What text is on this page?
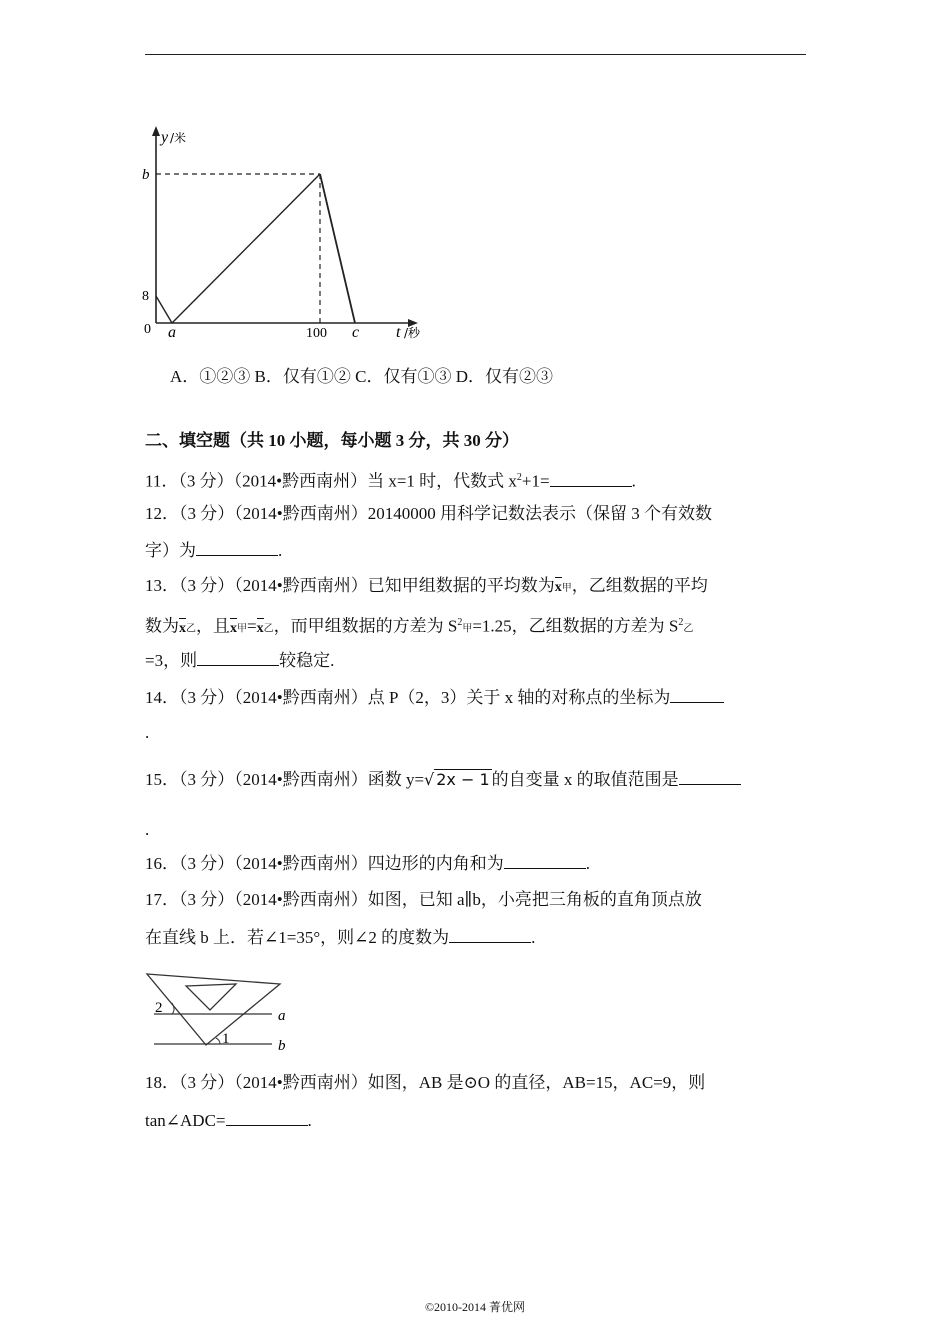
y /米
b
8
0 a	100 c t /秒
A．①②③ B．仅有①② C．仅有①③ D．仅有②③
二、填空题（共 10 小题，每小题 3 分，共 30 分）
11．（3 分）（2014•黔西南州）当 x=1 时，代数式 $x^2+1=$	.
12．（3 分）（2014•黔西南州）20140000 用科学记数法表示（保留 3 个有效数
字）为	.
13．（3 分）（2014•黔西南州）已知甲组数据的平均数为x甲，乙组数据的平均
数为x乙，且x甲=x乙，而甲组数据的方差为 $S^2$甲=1.25，乙组数据的方差为 $S^2$乙
=3，则	较稳定.
14．（3 分）（2014•黔西南州）点 P（2，3）关于 x 轴的对称点的坐标为
.
15．（3 分）（2014•黔西南州）函数 y=√ 2x − 1 的自变量 x 的取值范围是
.
16．（3 分）（2014•黔西南州）四边形的内角和为	.
17．（3 分）（2014•黔西南州）如图，已知 a∥b，小亮把三角板的直角顶点放
在直线 b 上．若∠1=35°，则∠2 的度数为	.
2
1
a
b
18．（3 分）（2014•黔西南州）如图，AB 是⊙O 的直径，AB=15，AC=9，则
tan∠ADC=	.
©2010-2014 菁优网
